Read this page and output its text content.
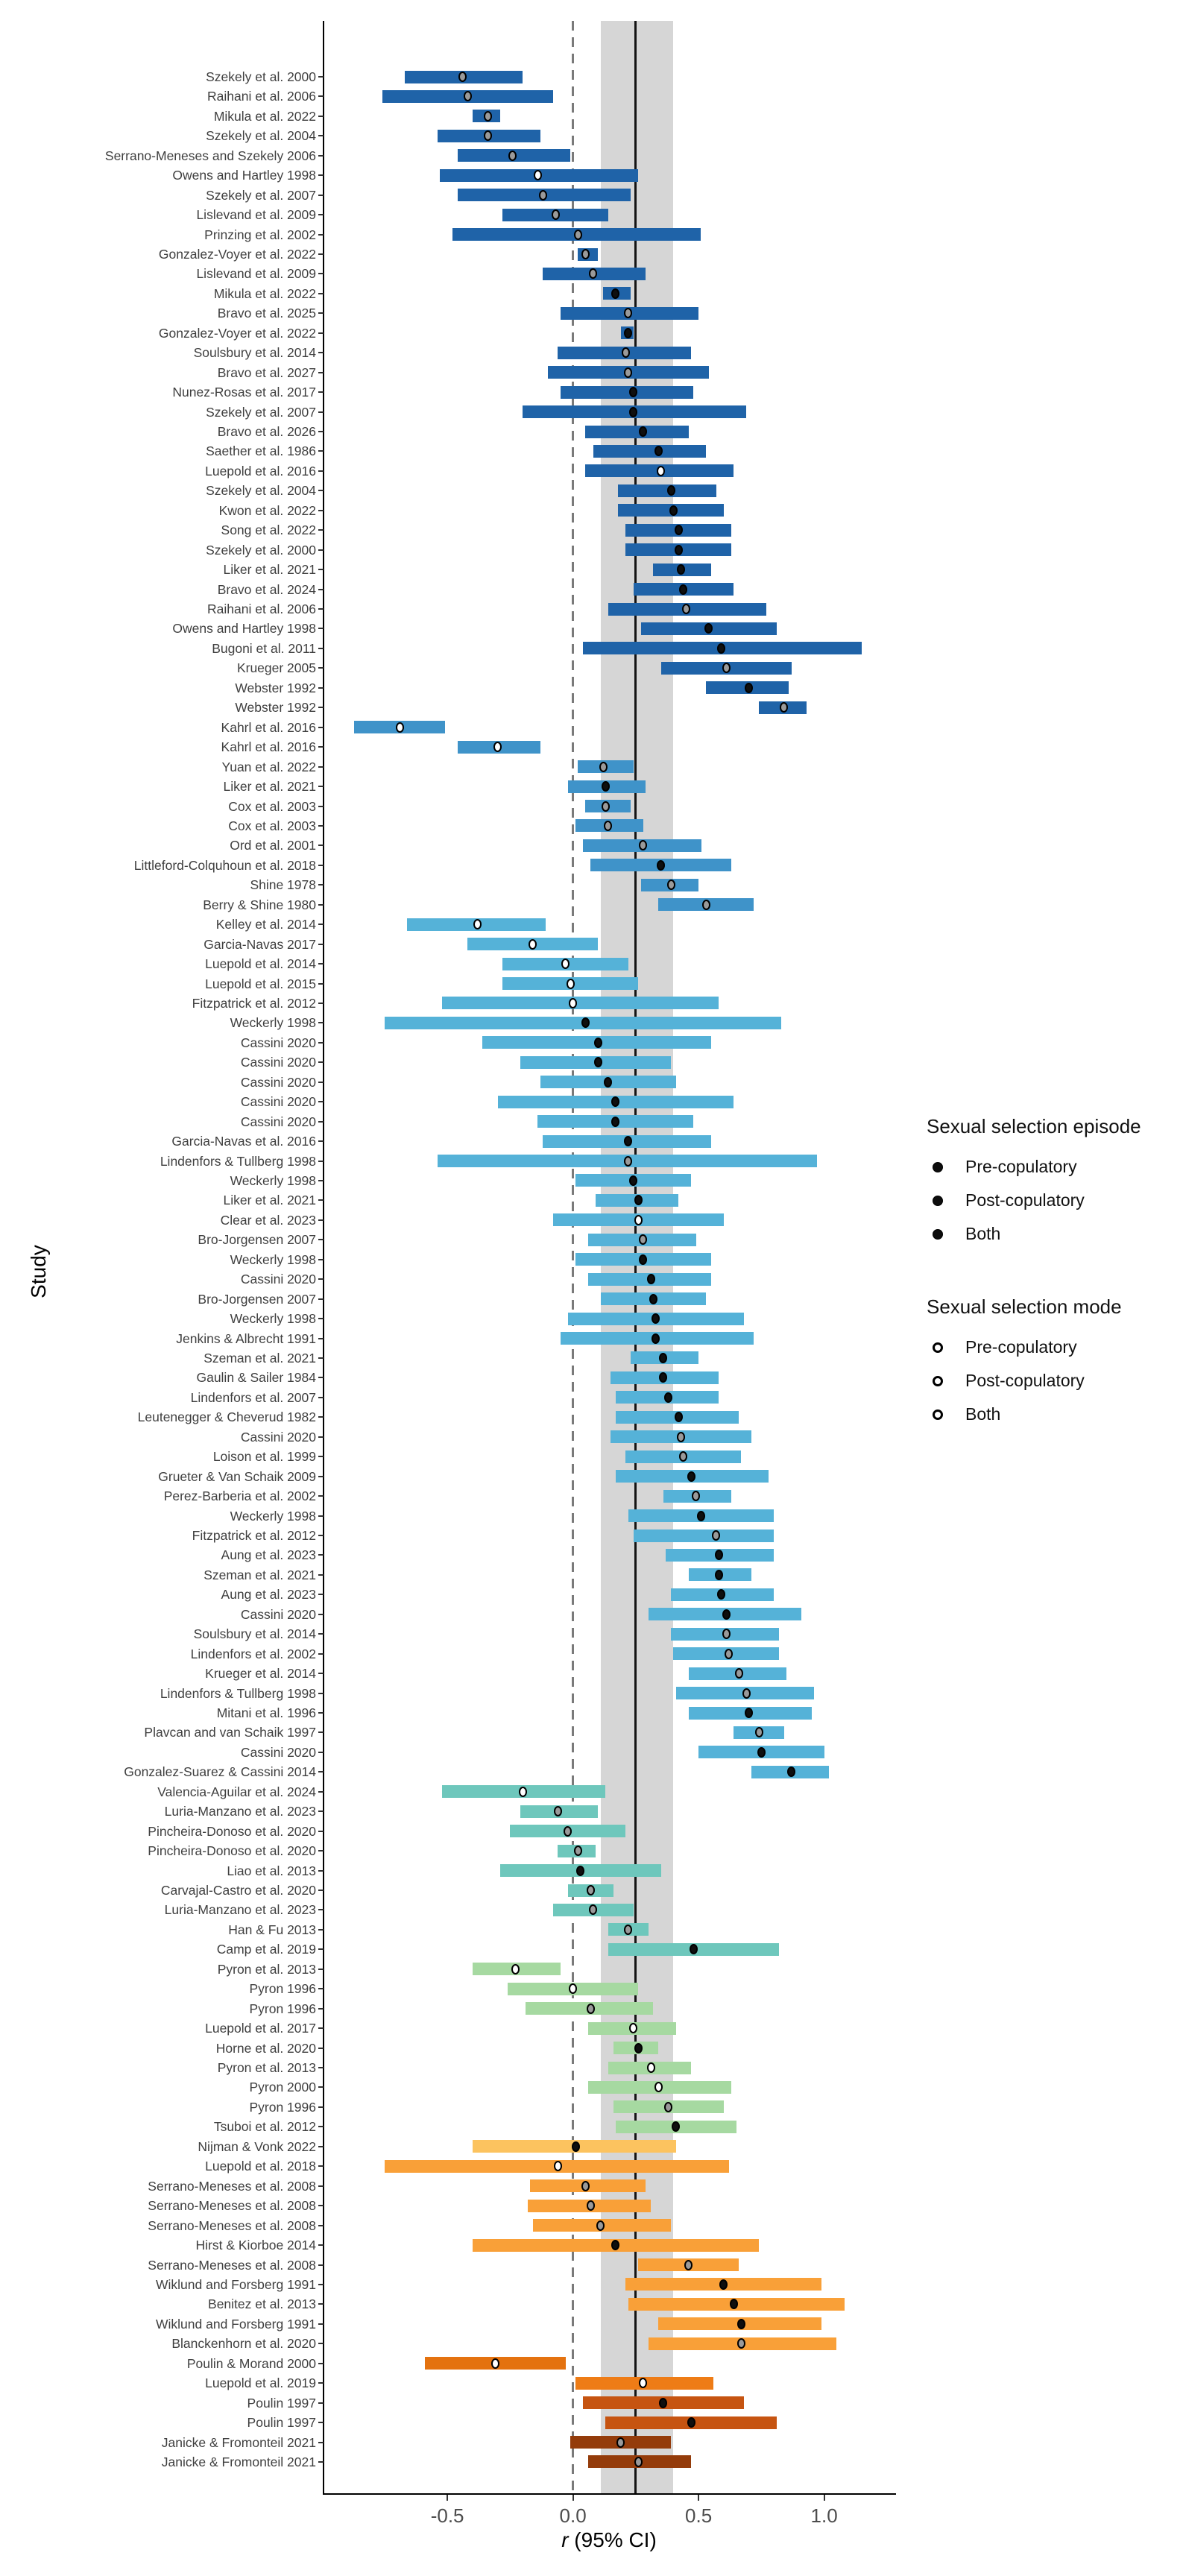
Study
r (95% CI)
Sexual selection episode
Pre-copulatory
Post-copulatory
Both
Sexual selection mode
Pre-copulatory
Post-copulatory
Both
Szekely et al. 2000
Raihani et al. 2006
Mikula et al. 2022
Szekely et al. 2004
Serrano-Meneses and Szekely 2006
Owens and Hartley 1998
Szekely et al. 2007
Lislevand et al. 2009
Prinzing et al. 2002
Gonzalez-Voyer et al. 2022
Lislevand et al. 2009
Mikula et al. 2022
Bravo et al. 2025
Gonzalez-Voyer et al. 2022
Soulsbury et al. 2014
Bravo et al. 2027
Nunez-Rosas et al. 2017
Szekely et al. 2007
Bravo et al. 2026
Saether et al. 1986
Luepold et al. 2016
Szekely et al. 2004
Kwon et al. 2022
Song et al. 2022
Szekely et al. 2000
Liker et al. 2021
Bravo et al. 2024
Raihani et al. 2006
Owens and Hartley 1998
Bugoni et al. 2011
Krueger 2005
Webster 1992
Webster 1992
Kahrl et al. 2016
Kahrl et al. 2016
Yuan et al. 2022
Liker et al. 2021
Cox et al. 2003
Cox et al. 2003
Ord et al. 2001
Littleford-Colquhoun et al. 2018
Shine 1978
Berry & Shine 1980
Kelley et al. 2014
Garcia-Navas 2017
Luepold et al. 2014
Luepold et al. 2015
Fitzpatrick et al. 2012
Weckerly 1998
Cassini 2020
Cassini 2020
Cassini 2020
Cassini 2020
Cassini 2020
Garcia-Navas et al. 2016
Lindenfors & Tullberg 1998
Weckerly 1998
Liker et al. 2021
Clear et al. 2023
Bro-Jorgensen 2007
Weckerly 1998
Cassini 2020
Bro-Jorgensen 2007
Weckerly 1998
Jenkins & Albrecht 1991
Szeman et al. 2021
Gaulin & Sailer 1984
Lindenfors et al. 2007
Leutenegger & Cheverud 1982
Cassini 2020
Loison et al. 1999
Grueter & Van Schaik 2009
Perez-Barberia et al. 2002
Weckerly 1998
Fitzpatrick et al. 2012
Aung et al. 2023
Szeman et al. 2021
Aung et al. 2023
Cassini 2020
Soulsbury et al. 2014
Lindenfors et al. 2002
Krueger et al. 2014
Lindenfors & Tullberg 1998
Mitani et al. 1996
Plavcan and van Schaik 1997
Cassini 2020
Gonzalez-Suarez & Cassini 2014
Valencia-Aguilar et al. 2024
Luria-Manzano et al. 2023
Pincheira-Donoso et al. 2020
Pincheira-Donoso et al. 2020
Liao et al. 2013
Carvajal-Castro et al. 2020
Luria-Manzano et al. 2023
Han & Fu 2013
Camp et al. 2019
Pyron et al. 2013
Pyron 1996
Pyron 1996
Luepold et al. 2017
Horne et al. 2020
Pyron et al. 2013
Pyron 2000
Pyron 1996
Tsuboi et al. 2012
Nijman & Vonk 2022
Luepold et al. 2018
Serrano-Meneses et al. 2008
Serrano-Meneses et al. 2008
Serrano-Meneses et al. 2008
Hirst & Kiorboe 2014
Serrano-Meneses et al. 2008
Wiklund and Forsberg 1991
Benitez et al. 2013
Wiklund and Forsberg 1991
Blanckenhorn et al. 2020
Poulin & Morand 2000
Luepold et al. 2019
Poulin 1997
Poulin 1997
Janicke & Fromonteil 2021
Janicke & Fromonteil 2021
-0.5	0.0	0.5	1.0
